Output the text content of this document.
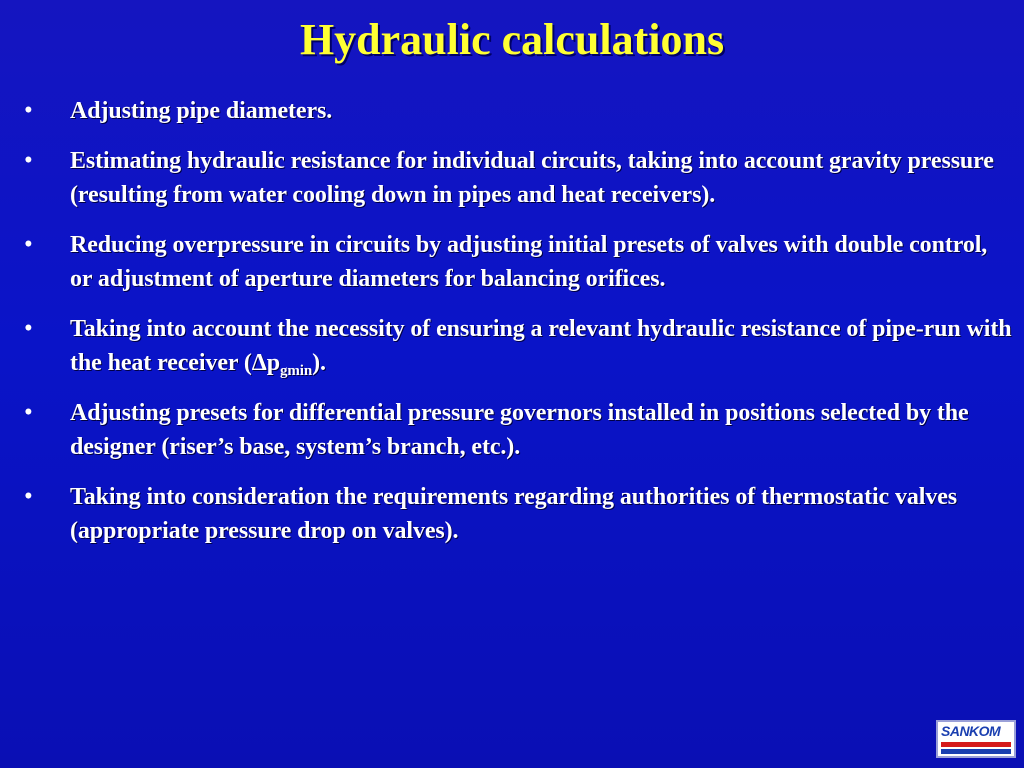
Hydraulic calculations
• Adjusting pipe diameters.
• Estimating hydraulic resistance for individual circuits, taking into account gravity pressure (resulting from water cooling down in pipes and heat receivers).
• Reducing overpressure in circuits by adjusting initial presets of valves with double control, or adjustment of aperture diameters for balancing orifices.
• Taking into account the necessity of ensuring a relevant hydraulic resistance of pipe-run with the heat receiver $(\Delta p_{gmin})$.
• Adjusting presets for differential pressure governors installed in positions selected by the designer (riser’s base, system’s branch, etc.).
• Taking into consideration the requirements regarding authorities of thermostatic valves (appropriate pressure drop on valves).
SANKOM
